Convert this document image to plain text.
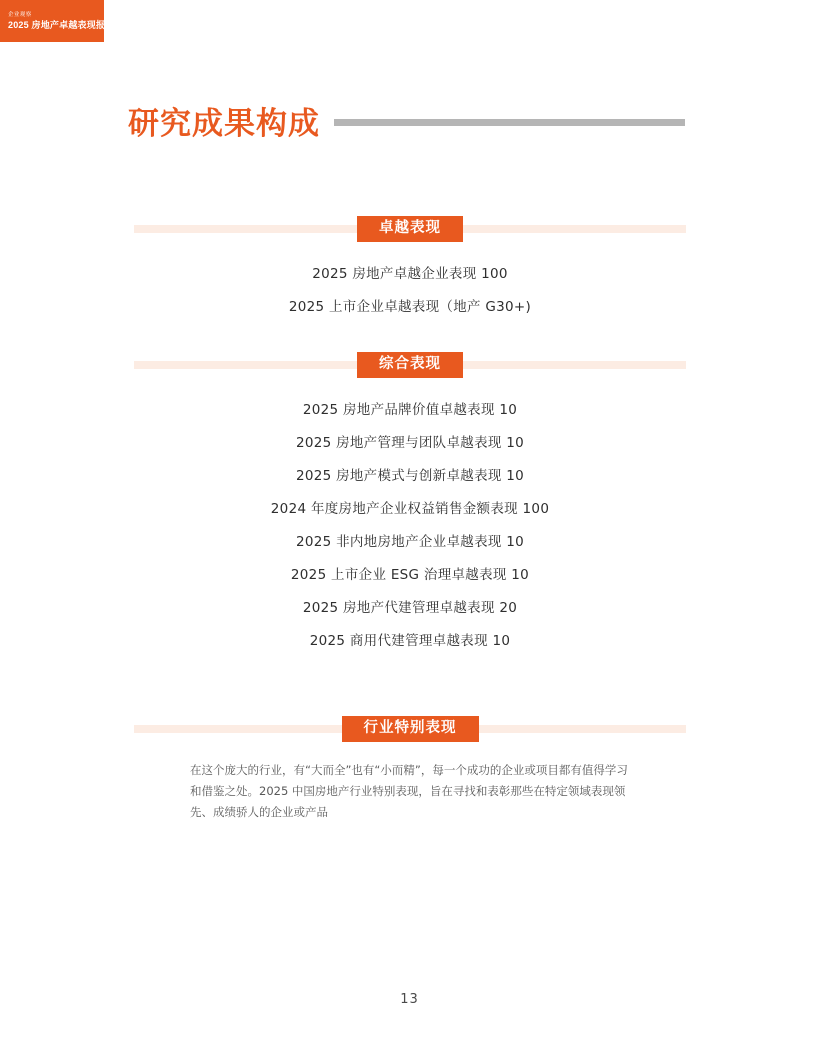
企业观察
2025 房地产卓越表现报告
研究成果构成
卓越表现
2025 房地产卓越企业表现 100
2025 上市企业卓越表现（地产 G30+)
综合表现
2025 房地产品牌价值卓越表现 10
2025 房地产管理与团队卓越表现 10
2025 房地产模式与创新卓越表现 10
2024 年度房地产企业权益销售金额表现 100
2025 非内地房地产企业卓越表现 10
2025 上市企业 ESG 治理卓越表现 10
2025 房地产代建管理卓越表现 20
2025 商用代建管理卓越表现 10
行业特别表现
在这个庞大的行业，有“大而全”也有“小而精”，每一个成功的企业或项目都有值得学习和借鉴之处。2025 中国房地产行业特别表现，旨在寻找和表彰那些在特定领域表现领先、成绩骄人的企业或产品
13
